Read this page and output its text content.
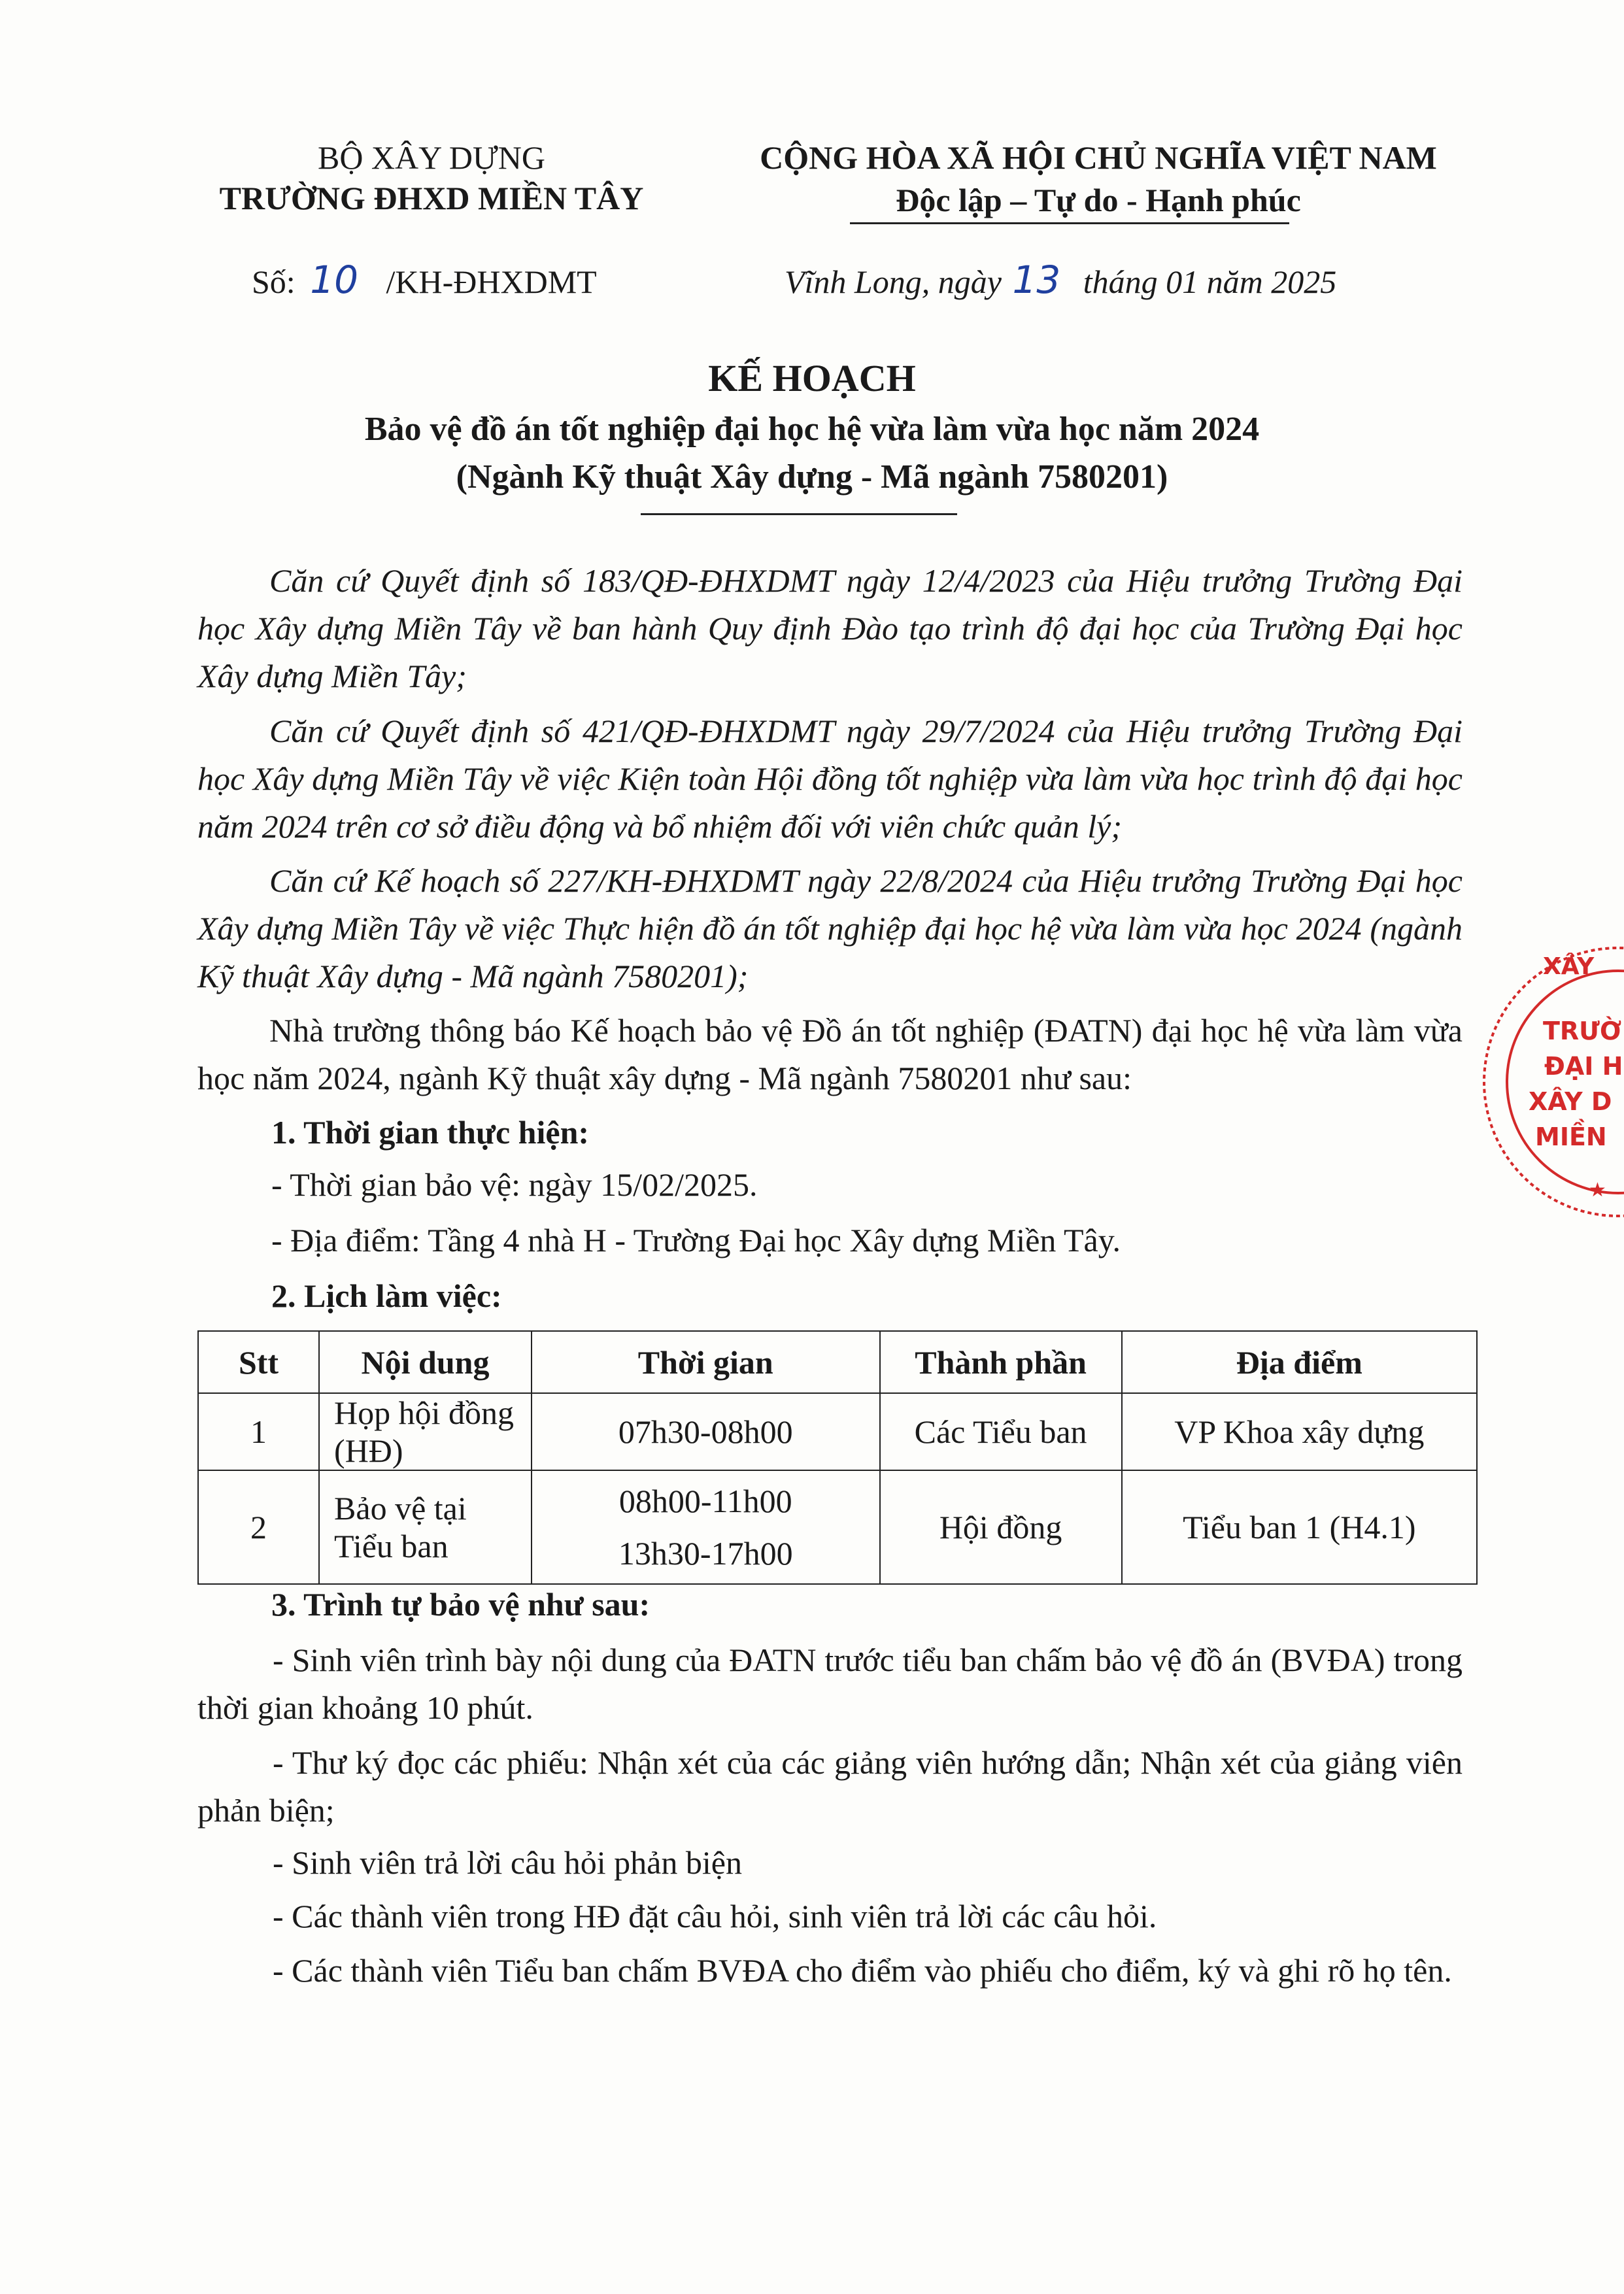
BỘ XÂY DỰNG
TRƯỜNG ĐHXD MIỀN TÂY
Số: 10 /KH-ĐHXDMT
CỘNG HÒA XÃ HỘI CHỦ NGHĨA VIỆT NAM
Độc lập – Tự do - Hạnh phúc
Vĩnh Long, ngày 13 tháng 01 năm 2025
KẾ HOẠCH
Bảo vệ đồ án tốt nghiệp đại học hệ vừa làm vừa học năm 2024
(Ngành Kỹ thuật Xây dựng - Mã ngành 7580201)
Căn cứ Quyết định số 183/QĐ-ĐHXDMT ngày 12/4/2023 của Hiệu trưởng Trường Đại học Xây dựng Miền Tây về ban hành Quy định Đào tạo trình độ đại học của Trường Đại học Xây dựng Miền Tây;
Căn cứ Quyết định số 421/QĐ-ĐHXDMT ngày 29/7/2024 của Hiệu trưởng Trường Đại học Xây dựng Miền Tây về việc Kiện toàn Hội đồng tốt nghiệp vừa làm vừa học trình độ đại học năm 2024 trên cơ sở điều động và bổ nhiệm đối với viên chức quản lý;
Căn cứ Kế hoạch số 227/KH-ĐHXDMT ngày 22/8/2024 của Hiệu trưởng Trường Đại học Xây dựng Miền Tây về việc Thực hiện đồ án tốt nghiệp đại học hệ vừa làm vừa học 2024 (ngành Kỹ thuật Xây dựng - Mã ngành 7580201);
Nhà trường thông báo Kế hoạch bảo vệ Đồ án tốt nghiệp (ĐATN) đại học hệ vừa làm vừa học năm 2024, ngành Kỹ thuật xây dựng - Mã ngành 7580201 như sau:
1. Thời gian thực hiện:
- Thời gian bảo vệ: ngày 15/02/2025.
- Địa điểm: Tầng 4 nhà H - Trường Đại học Xây dựng Miền Tây.
2. Lịch làm việc:
Stt	Nội dung	Thời gian	Thành phần	Địa điểm
1	Họp hội đồng (HĐ)	07h30-08h00	Các Tiểu ban	VP Khoa xây dựng
2	Bảo vệ tại Tiểu ban	08h00-11h00
13h30-17h00	Hội đồng	Tiểu ban 1 (H4.1)
3. Trình tự bảo vệ như sau:
- Sinh viên trình bày nội dung của ĐATN trước tiểu ban chấm bảo vệ đồ án (BVĐA) trong thời gian khoảng 10 phút.
- Thư ký đọc các phiếu: Nhận xét của các giảng viên hướng dẫn; Nhận xét của giảng viên phản biện;
- Sinh viên trả lời câu hỏi phản biện
- Các thành viên trong HĐ đặt câu hỏi, sinh viên trả lời các câu hỏi.
- Các thành viên Tiểu ban chấm BVĐA cho điểm vào phiếu cho điểm, ký và ghi rõ họ tên.
XÂY
TRƯỜ
ĐẠI H
XÂY D
MIỀN
★
